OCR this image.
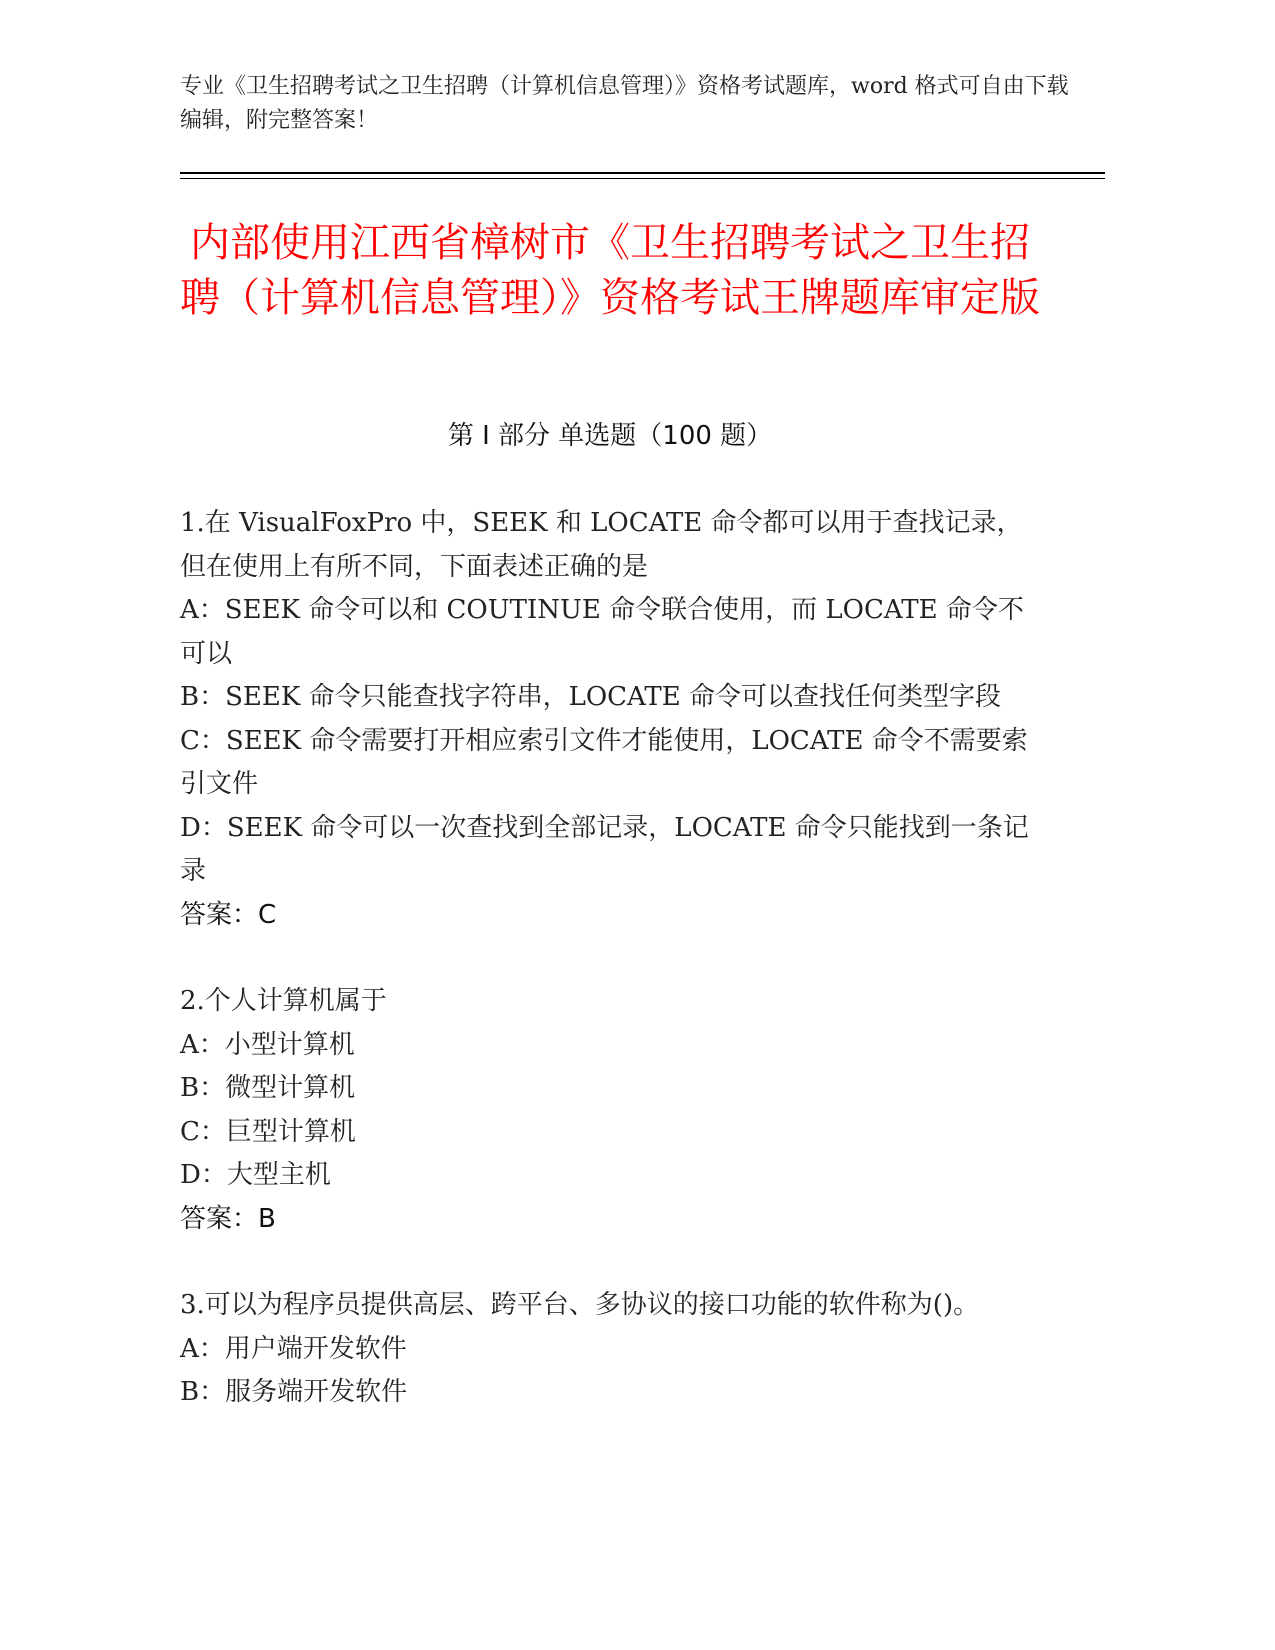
专业《卫生招聘考试之卫生招聘（计算机信息管理）》资格考试题库，word 格式可自由下载编辑，附完整答案！
内部使用江西省樟树市《卫生招聘考试之卫生招聘（计算机信息管理）》资格考试王牌题库审定版
第 I 部分 单选题（100 题）

1.在 VisualFoxPro 中，SEEK 和 LOCATE 命令都可以用于查找记录，但在使用上有所不同，下面表述正确的是

A：SEEK 命令可以和 COUTINUE 命令联合使用，而 LOCATE 命令不可以

B：SEEK 命令只能查找字符串，LOCATE 命令可以查找任何类型字段

C：SEEK 命令需要打开相应索引文件才能使用，LOCATE 命令不需要索引文件

D：SEEK 命令可以一次查找到全部记录，LOCATE 命令只能找到一条记录

答案：C

2.个人计算机属于

A：小型计算机

B：微型计算机

C：巨型计算机

D：大型主机

答案：B

3.可以为程序员提供高层、跨平台、多协议的接口功能的软件称为()。

A：用户端开发软件

B：服务端开发软件
